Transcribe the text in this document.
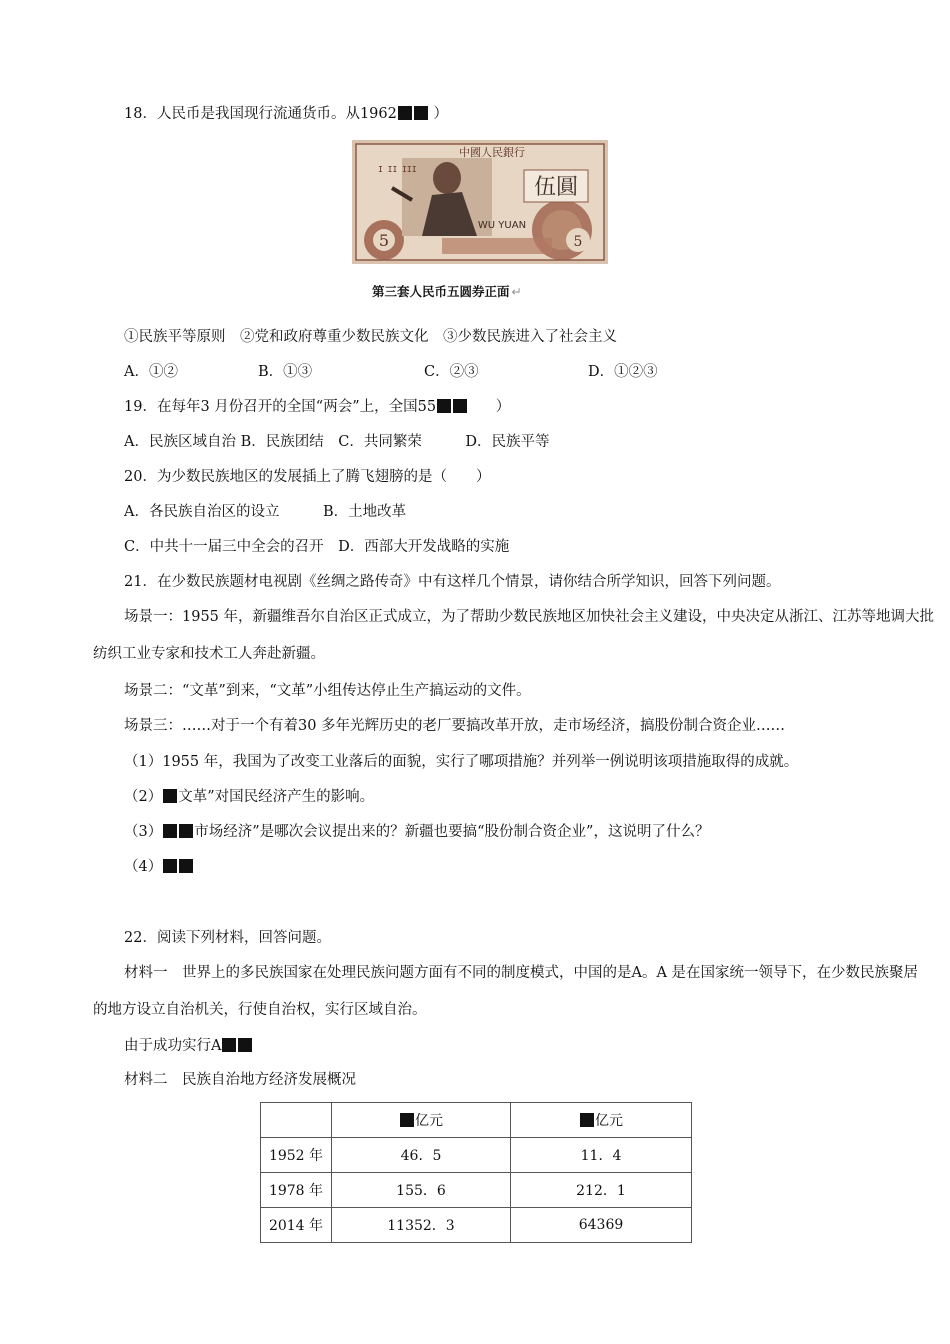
18．人民币是我国现行流通货币。从1962	）
5	5
中國人民銀行
伍圓
WU YUAN
I II III
第三套人民币五圆券正面 ↵
①民族平等原则　②党和政府尊重少数民族文化　③少数民族进入了社会主义
A．①②	B．①③	C．②③	D．①②③
19．在每年3 月份召开的全国“两会”上，全国55	）
A．民族区域自治 B．民族团结　C．共同繁荣　　　D．民族平等
20．为少数民族地区的发展插上了腾飞翅膀的是（　　）
A．各民族自治区的设立　　　B．土地改革
C．中共十一届三中全会的召开　D．西部大开发战略的实施
21．在少数民族题材电视剧《丝绸之路传奇》中有这样几个情景，请你结合所学知识，回答下列问题。
场景一：1955 年，新疆维吾尔自治区正式成立，为了帮助少数民族地区加快社会主义建设，中央决定从浙江、江苏等地调大批
纺织工业专家和技术工人奔赴新疆。
场景二：“文革”到来，“文革”小组传达停止生产搞运动的文件。
场景三：……对于一个有着30 多年光辉历史的老厂要搞改革开放，走市场经济，搞股份制合资企业……
（1）1955 年，我国为了改变工业落后的面貌，实行了哪项措施？并列举一例说明该项措施取得的成就。
（2） 文革”对国民经济产生的影响。
（3） 市场经济”是哪次会议提出来的？新疆也要搞“股份制合资企业”，这说明了什么？
（4）
22．阅读下列材料，回答问题。
材料一　世界上的多民族国家在处理民族问题方面有不同的制度模式，中国的是A。A 是在国家统一领导下，在少数民族聚居
的地方设立自治机关，行使自治权，实行区域自治。
由于成功实行A
材料二　民族自治地方经济发展概况
	亿元	亿元
1952 年	46．5	11．4
1978 年	155．6	212．1
2014 年	11352．3	64369
